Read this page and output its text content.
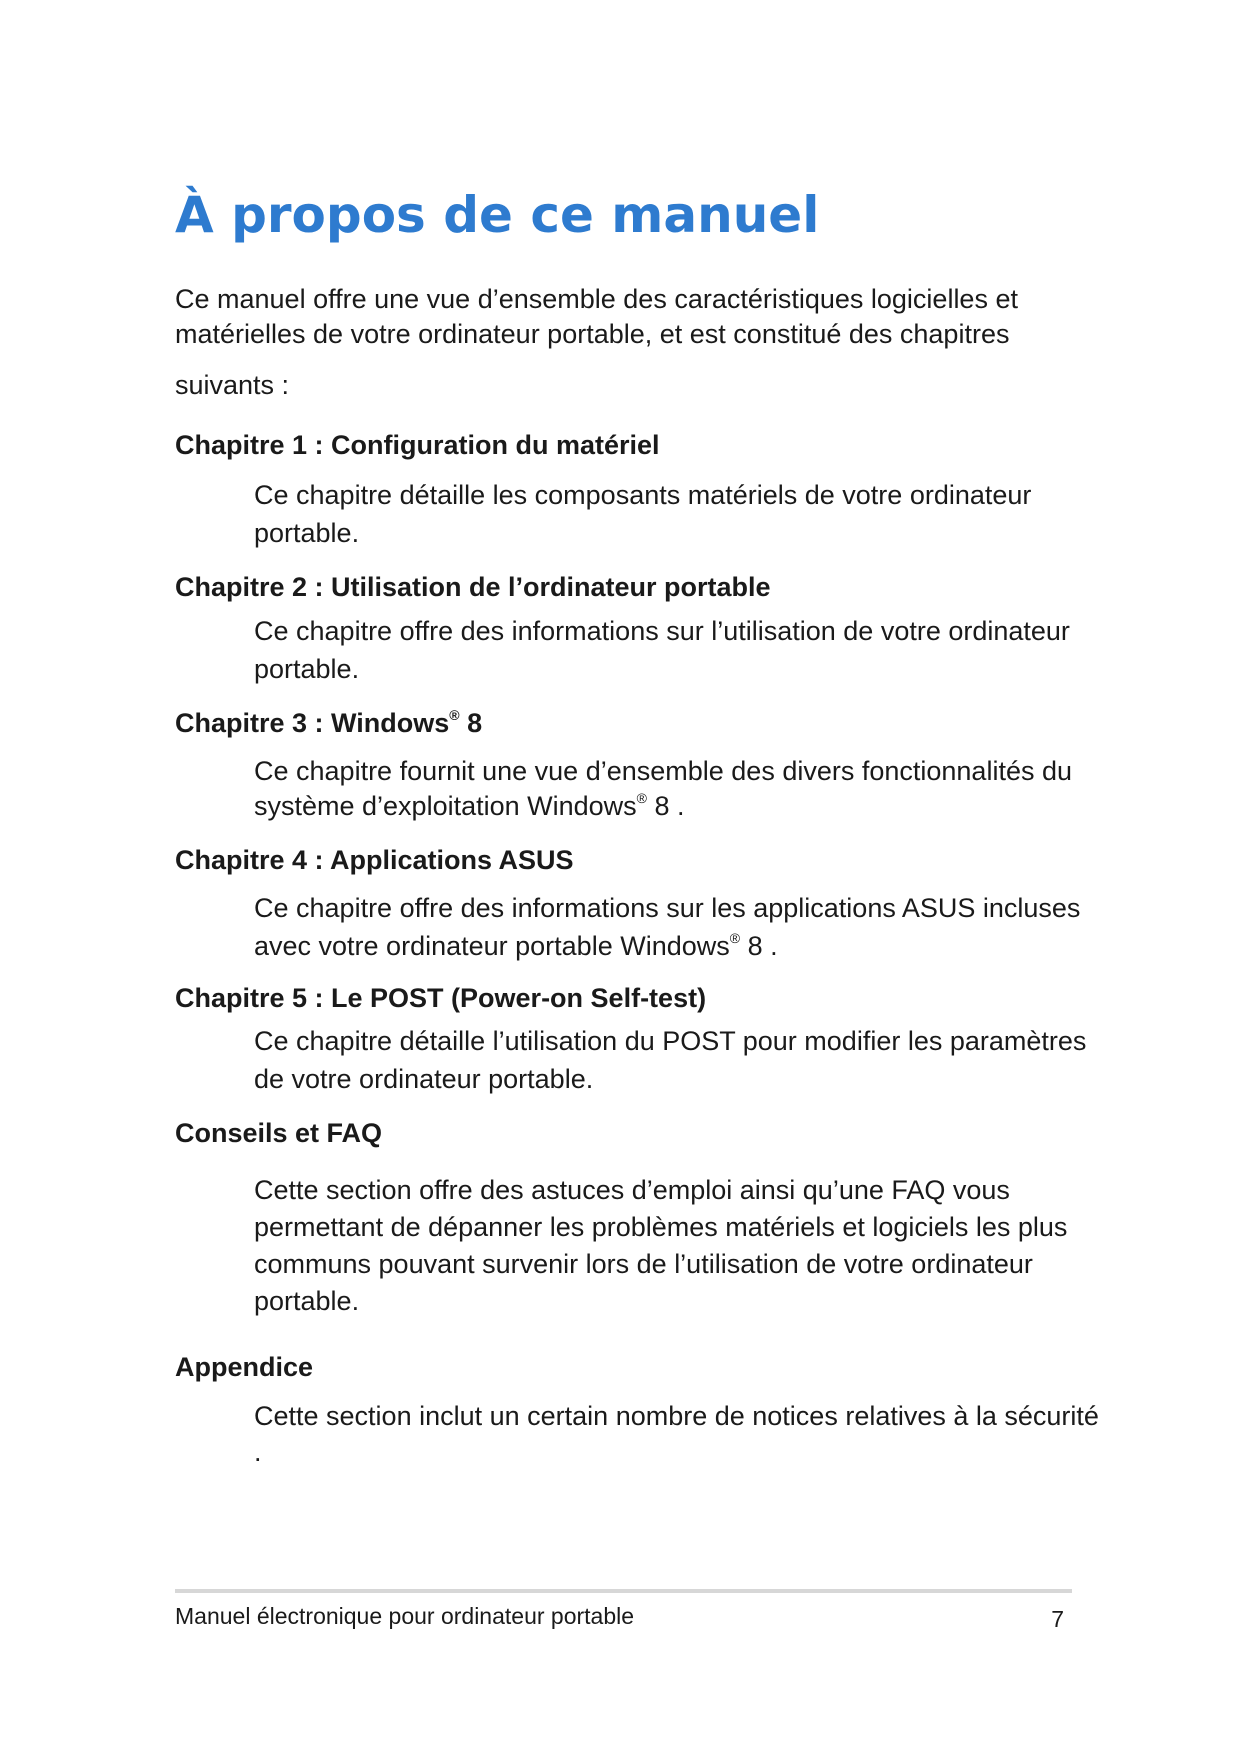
À propos de ce manuel

Ce manuel offre une vue d’ensemble des caractéristiques logicielles et matérielles de votre ordinateur portable, et est constitué des chapitres
suivants :

Chapitre 1 : Configuration du matériel

Ce chapitre détaille les composants matériels de votre ordinateur portable.

Chapitre 2 : Utilisation de l’ordinateur portable

Ce chapitre offre des informations sur l’utilisation de votre ordinateur portable.

Chapitre 3 : Windows® 8

Ce chapitre fournit une vue d’ensemble des divers fonctionnalités du système d’exploitation Windows® 8 .

Chapitre 4 : Applications ASUS

Ce chapitre offre des informations sur les applications ASUS incluses avec votre ordinateur portable Windows® 8 .

Chapitre 5 : Le POST (Power-on Self-test)

Ce chapitre détaille l’utilisation du POST pour modifier les paramètres de votre ordinateur portable.

Conseils et FAQ

Cette section offre des astuces d’emploi ainsi qu’une FAQ vous permettant de dépanner les problèmes matériels et logiciels les plus communs pouvant survenir lors de l’utilisation de votre ordinateur portable.

Appendice

Cette section inclut un certain nombre de notices relatives à la sécurité .

Manuel électronique pour ordinateur portable	7
